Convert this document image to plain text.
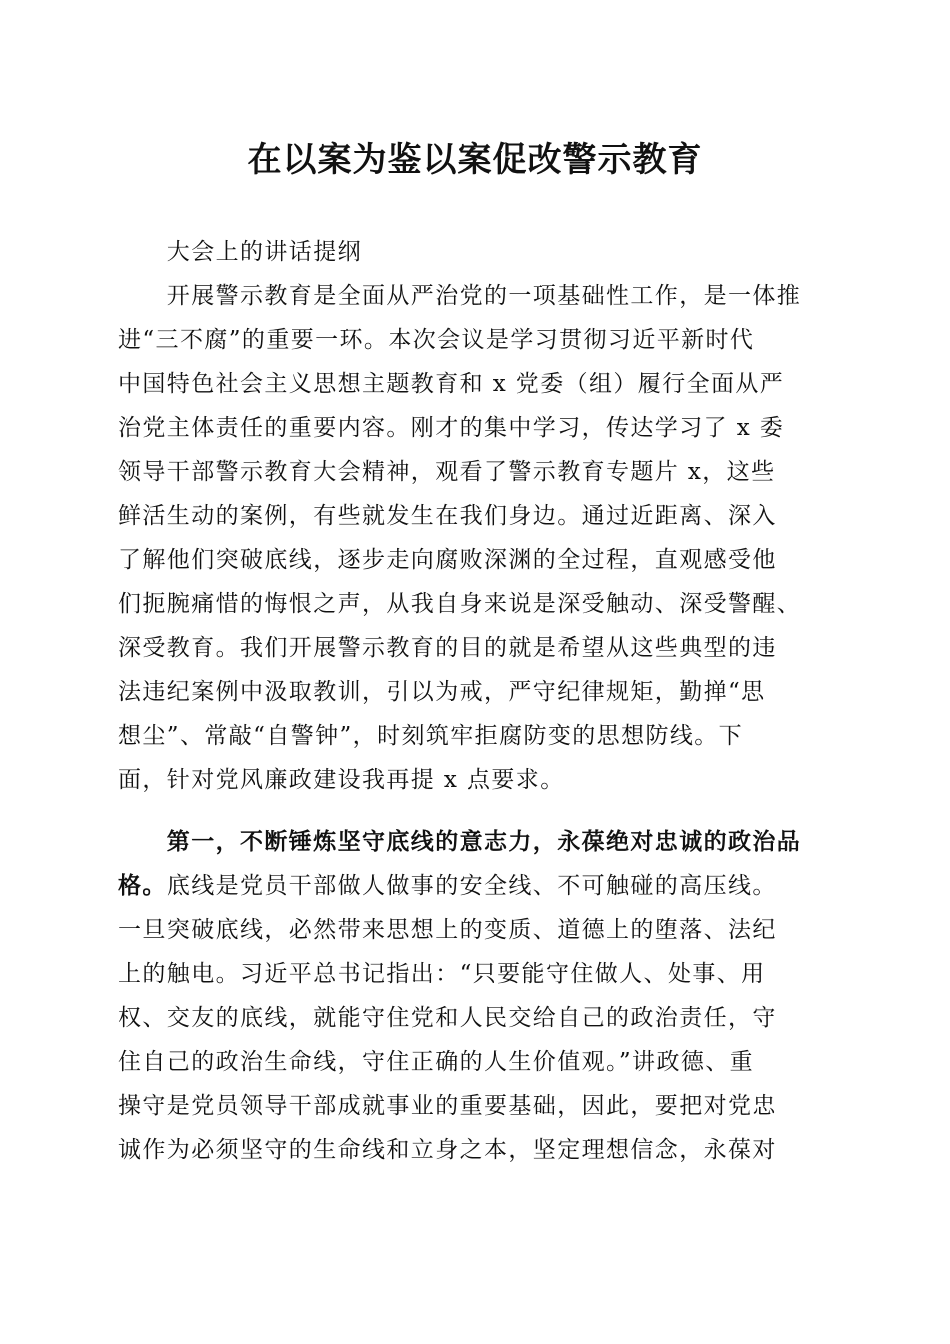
在以案为鉴以案促改警示教育
　　大会上的讲话提纲
　　开展警示教育是全面从严治党的一项基础性工作，是一体推
进“三不腐”的重要一环。本次会议是学习贯彻习近平新时代
中国特色社会主义思想主题教育和 x 党委（组）履行全面从严
治党主体责任的重要内容。刚才的集中学习，传达学习了 x 委
领导干部警示教育大会精神，观看了警示教育专题片 x，这些
鲜活生动的案例，有些就发生在我们身边。通过近距离、深入
了解他们突破底线，逐步走向腐败深渊的全过程，直观感受他
们扼腕痛惜的悔恨之声，从我自身来说是深受触动、深受警醒、
深受教育。我们开展警示教育的目的就是希望从这些典型的违
法违纪案例中汲取教训，引以为戒，严守纪律规矩，勤掸“思
想尘”、常敲“自警钟”，时刻筑牢拒腐防变的思想防线。下
面，针对党风廉政建设我再提 x 点要求。
　　第一，不断锤炼坚守底线的意志力，永葆绝对忠诚的政治品
格。底线是党员干部做人做事的安全线、不可触碰的高压线。
一旦突破底线，必然带来思想上的变质、道德上的堕落、法纪
上的触电。习近平总书记指出：“只要能守住做人、处事、用
权、交友的底线，就能守住党和人民交给自己的政治责任，守
住自己的政治生命线，守住正确的人生价值观。”讲政德、重
操守是党员领导干部成就事业的重要基础，因此，要把对党忠
诚作为必须坚守的生命线和立身之本，坚定理想信念，永葆对
